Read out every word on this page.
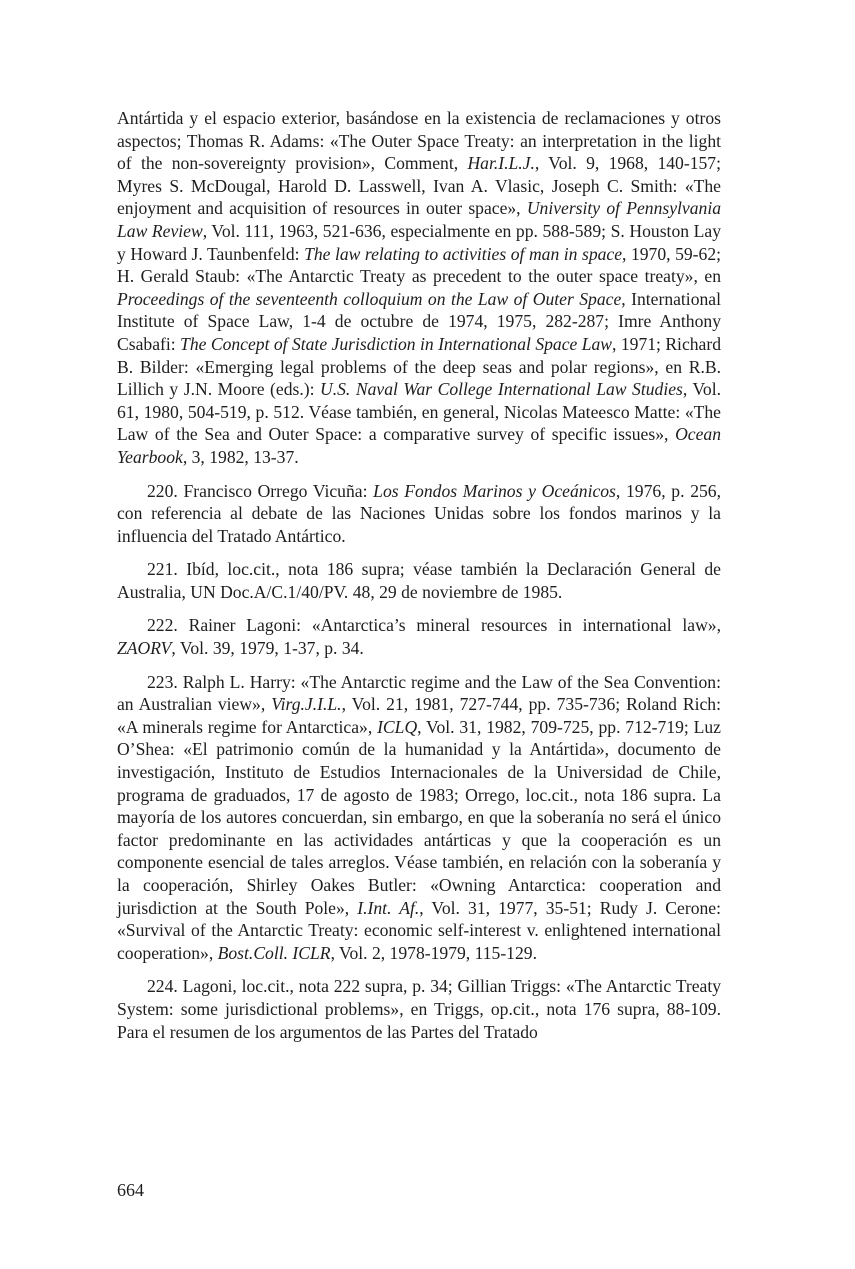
Antártida y el espacio exterior, basándose en la existencia de reclamaciones y otros aspectos; Thomas R. Adams: «The Outer Space Treaty: an interpretation in the light of the non-sovereignty provision», Comment, Har.I.L.J., Vol. 9, 1968, 140-157; Myres S. McDougal, Harold D. Lasswell, Ivan A. Vlasic, Joseph C. Smith: «The enjoyment and acquisition of resources in outer space», University of Pennsylvania Law Review, Vol. 111, 1963, 521-636, especialmente en pp. 588-589; S. Houston Lay y Howard J. Taunbenfeld: The law relating to activities of man in space, 1970, 59-62; H. Gerald Staub: «The Antarctic Treaty as precedent to the outer space treaty», en Proceedings of the seventeenth colloquium on the Law of Outer Space, International Institute of Space Law, 1-4 de octubre de 1974, 1975, 282-287; Imre Anthony Csabafi: The Concept of State Jurisdiction in International Space Law, 1971; Richard B. Bilder: «Emerging legal problems of the deep seas and polar regions», en R.B. Lillich y J.N. Moore (eds.): U.S. Naval War College International Law Studies, Vol. 61, 1980, 504-519, p. 512. Véase también, en general, Nicolas Mateesco Matte: «The Law of the Sea and Outer Space: a comparative survey of specific issues», Ocean Yearbook, 3, 1982, 13-37.

220. Francisco Orrego Vicuña: Los Fondos Marinos y Oceánicos, 1976, p. 256, con referencia al debate de las Naciones Unidas sobre los fondos marinos y la influencia del Tratado Antártico.

221. Ibíd, loc.cit., nota 186 supra; véase también la Declaración General de Australia, UN Doc.A/C.1/40/PV. 48, 29 de noviembre de 1985.

222. Rainer Lagoni: «Antarctica’s mineral resources in international law», ZAORV, Vol. 39, 1979, 1-37, p. 34.

223. Ralph L. Harry: «The Antarctic regime and the Law of the Sea Convention: an Australian view», Virg.J.I.L., Vol. 21, 1981, 727-744, pp. 735-736; Roland Rich: «A minerals regime for Antarctica», ICLQ, Vol. 31, 1982, 709-725, pp. 712-719; Luz O’Shea: «El patrimonio común de la humanidad y la Antártida», documento de investigación, Instituto de Estudios Internacionales de la Universidad de Chile, programa de graduados, 17 de agosto de 1983; Orrego, loc.cit., nota 186 supra. La mayoría de los autores concuerdan, sin embargo, en que la soberanía no será el único factor predominante en las actividades antárticas y que la cooperación es un componente esencial de tales arreglos. Véase también, en relación con la soberanía y la cooperación, Shirley Oakes Butler: «Owning Antarctica: cooperation and jurisdiction at the South Pole», I.Int. Af., Vol. 31, 1977, 35-51; Rudy J. Cerone: «Survival of the Antarctic Treaty: economic self-interest v. enlightened international cooperation», Bost.Coll. ICLR, Vol. 2, 1978-1979, 115-129.

224. Lagoni, loc.cit., nota 222 supra, p. 34; Gillian Triggs: «The Antarctic Treaty System: some jurisdictional problems», en Triggs, op.cit., nota 176 supra, 88-109. Para el resumen de los argumentos de las Partes del Tratado

664
